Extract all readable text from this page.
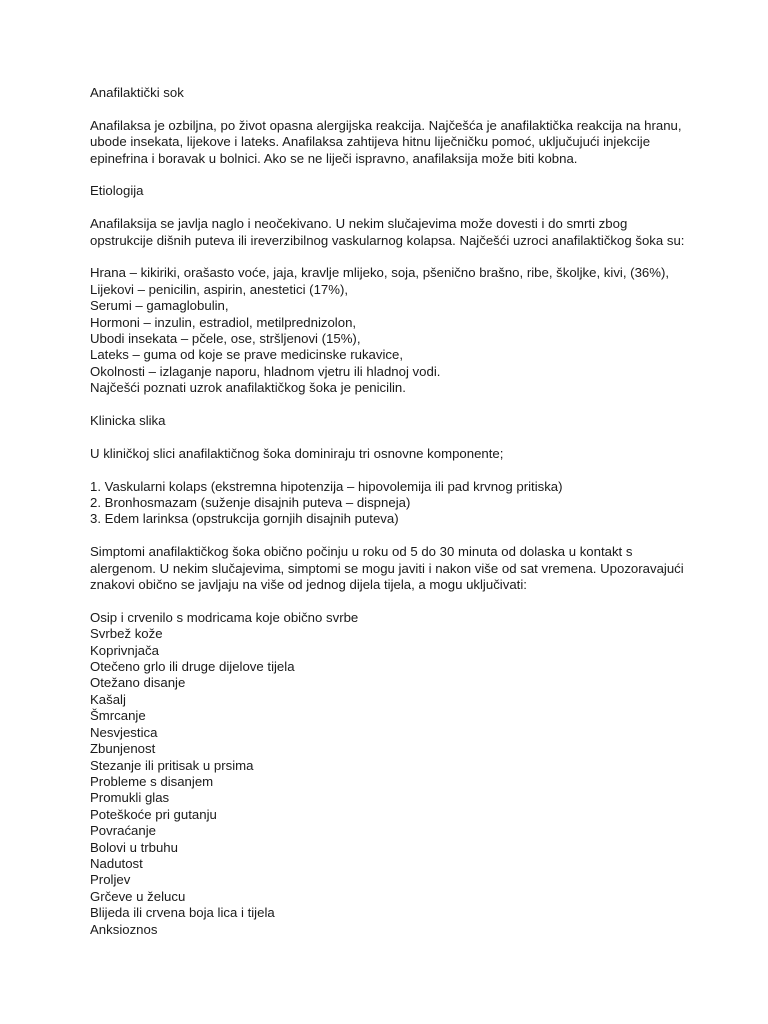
Anafilaktički sok
Anafilaksa je ozbiljna, po život opasna alergijska reakcija. Najčešća je anafilaktička reakcija na hranu,
ubode insekata, lijekove i lateks. Anafilaksa zahtijeva hitnu liječničku pomoć, uključujući injekcije
epinefrina i boravak u bolnici. Ako se ne liječi ispravno, anafilaksija može biti kobna.
Etiologija
Anafilaksija se javlja naglo i neočekivano. U nekim slučajevima može dovesti i do smrti zbog
opstrukcije dišnih puteva ili ireverzibilnog vaskularnog kolapsa. Najčešći uzroci anafilaktičkog šoka su:
Hrana – kikiriki, orašasto voće, jaja, kravlje mlijeko, soja, pšenično brašno, ribe, školjke, kivi, (36%),
Lijekovi – penicilin, aspirin, anestetici (17%),
Serumi – gamaglobulin,
Hormoni – inzulin, estradiol, metilprednizolon,
Ubodi insekata – pčele, ose, stršljenovi (15%),
Lateks – guma od koje se prave medicinske rukavice,
Okolnosti – izlaganje naporu, hladnom vjetru ili hladnoj vodi.
Najčešći poznati uzrok anafilaktičkog šoka je penicilin.
Klinicka slika
U kliničkoj slici anafilaktičnog šoka dominiraju tri osnovne komponente;
1. Vaskularni kolaps (ekstremna hipotenzija – hipovolemija ili pad krvnog pritiska)
2. Bronhosmazam (suženje disajnih puteva – dispneja)
3. Edem larinksa (opstrukcija gornjih disajnih puteva)
Simptomi anafilaktičkog šoka obično počinju u roku od 5 do 30 minuta od dolaska u kontakt s
alergenom. U nekim slučajevima, simptomi se mogu javiti i nakon više od sat vremena. Upozoravajući
znakovi obično se javljaju na više od jednog dijela tijela, a mogu uključivati:
Osip i crvenilo s modricama koje obično svrbe
Svrbež kože
Koprivnjača
Otečeno grlo ili druge dijelove tijela
Otežano disanje
Kašalj
Šmrcanje
Nesvjestica
Zbunjenost
Stezanje ili pritisak u prsima
Probleme s disanjem
Promukli glas
Poteškoće pri gutanju
Povraćanje
Bolovi u trbuhu
Nadutost
Proljev
Grčeve u želucu
Blijeda ili crvena boja lica i tijela
Anksioznos
